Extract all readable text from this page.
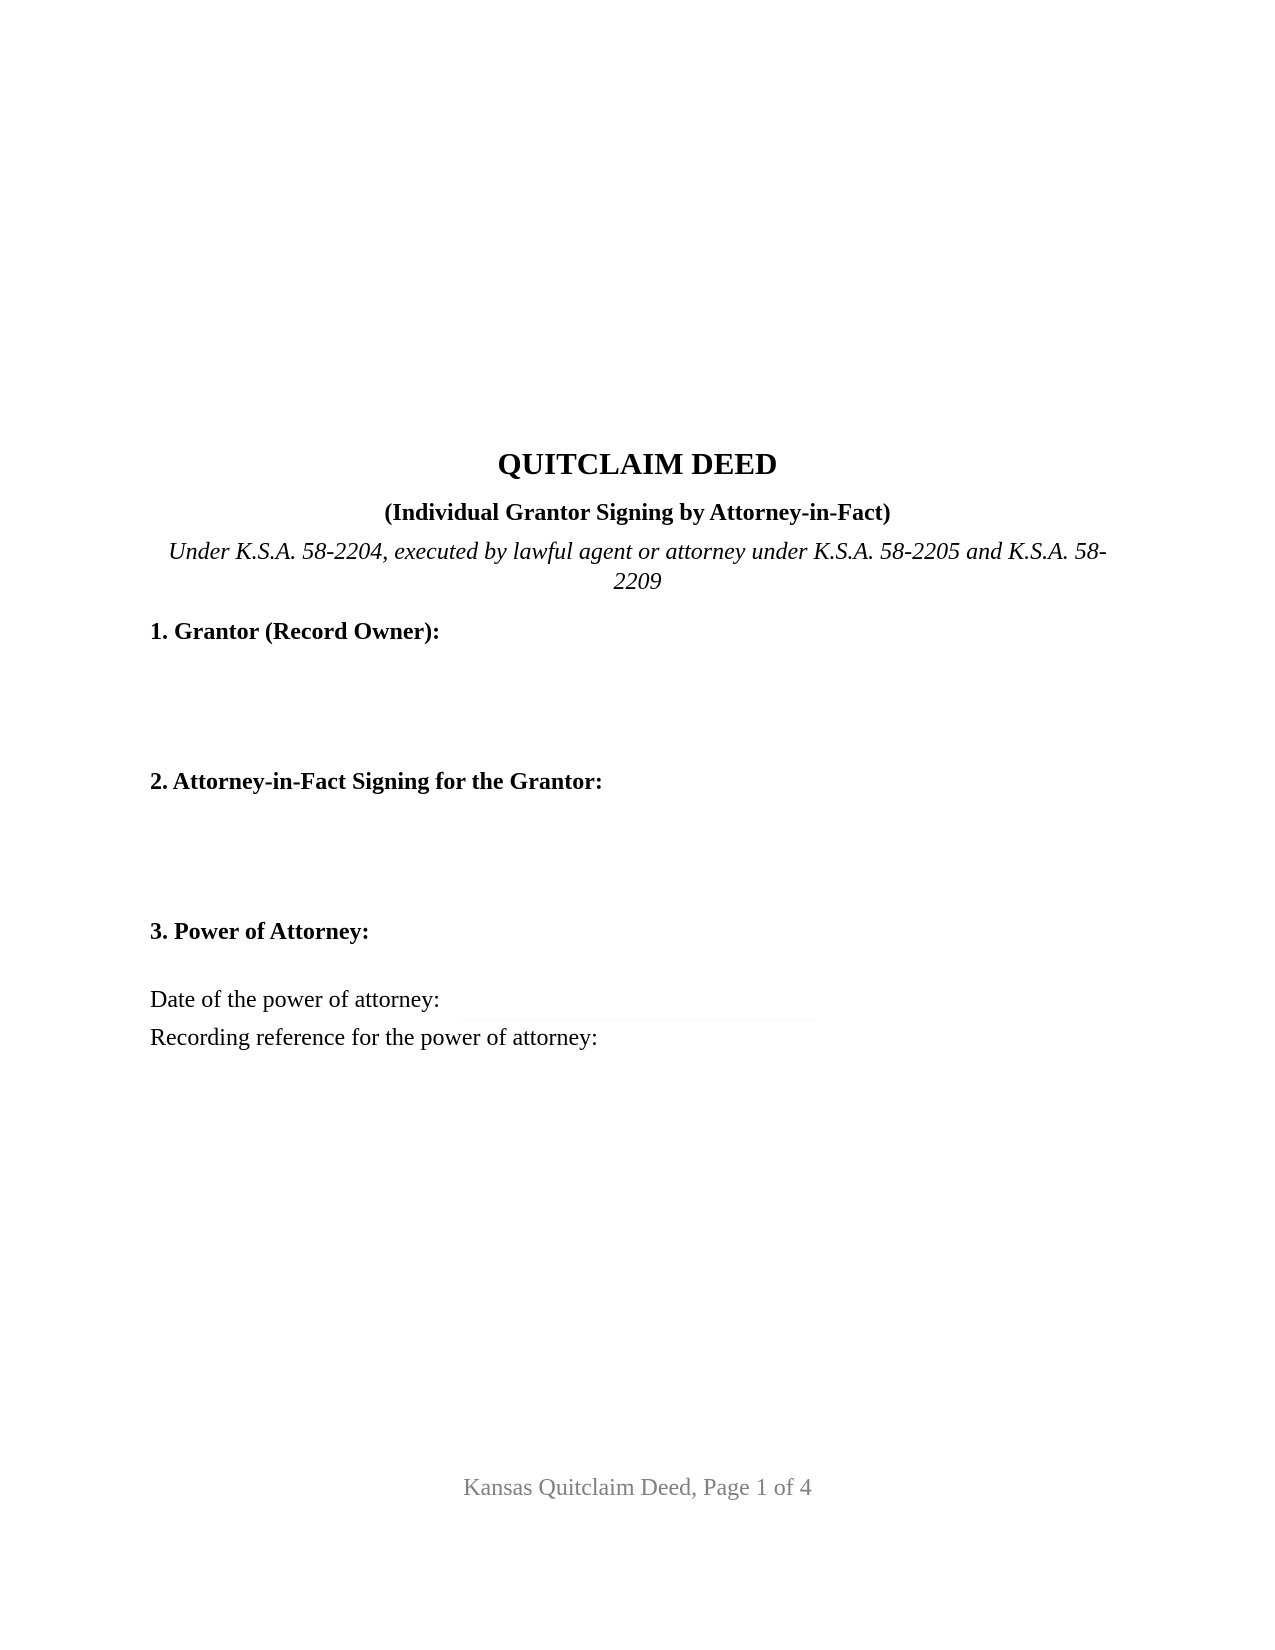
QUITCLAIM DEED
(Individual Grantor Signing by Attorney-in-Fact)
Under K.S.A. 58-2204, executed by lawful agent or attorney under K.S.A. 58-2205 and K.S.A. 58-2209
1. Grantor (Record Owner):
2. Attorney-in-Fact Signing for the Grantor:
3. Power of Attorney:
Date of the power of attorney:
Recording reference for the power of attorney:
Kansas Quitclaim Deed, Page 1 of 4
